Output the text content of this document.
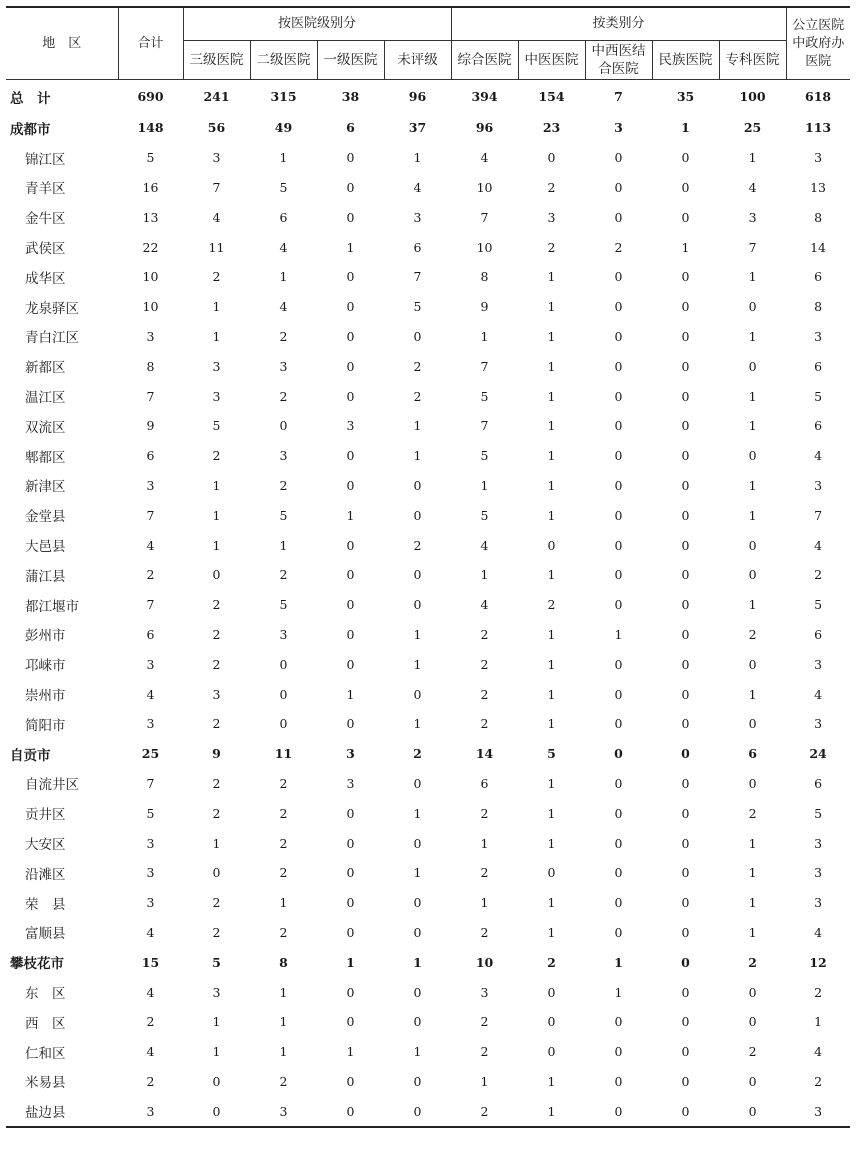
地　区	合计	按医院级别分				按类别分					公立医院中政府办医院
		三级医院	二级医院	一级医院	未评级	综合医院	中医医院	中西医结合医院	民族医院	专科医院	
总　计	690	241	315	38	96	394	154	7	35	100	618
成都市	148	56	49	6	37	96	23	3	1	25	113
锦江区	5	3	1	0	1	4	0	0	0	1	3
青羊区	16	7	5	0	4	10	2	0	0	4	13
金牛区	13	4	6	0	3	7	3	0	0	3	8
武侯区	22	11	4	1	6	10	2	2	1	7	14
成华区	10	2	1	0	7	8	1	0	0	1	6
龙泉驿区	10	1	4	0	5	9	1	0	0	0	8
青白江区	3	1	2	0	0	1	1	0	0	1	3
新都区	8	3	3	0	2	7	1	0	0	0	6
温江区	7	3	2	0	2	5	1	0	0	1	5
双流区	9	5	0	3	1	7	1	0	0	1	6
郫都区	6	2	3	0	1	5	1	0	0	0	4
新津区	3	1	2	0	0	1	1	0	0	1	3
金堂县	7	1	5	1	0	5	1	0	0	1	7
大邑县	4	1	1	0	2	4	0	0	0	0	4
蒲江县	2	0	2	0	0	1	1	0	0	0	2
都江堰市	7	2	5	0	0	4	2	0	0	1	5
彭州市	6	2	3	0	1	2	1	1	0	2	6
邛崃市	3	2	0	0	1	2	1	0	0	0	3
崇州市	4	3	0	1	0	2	1	0	0	1	4
简阳市	3	2	0	0	1	2	1	0	0	0	3
自贡市	25	9	11	3	2	14	5	0	0	6	24
自流井区	7	2	2	3	0	6	1	0	0	0	6
贡井区	5	2	2	0	1	2	1	0	0	2	5
大安区	3	1	2	0	0	1	1	0	0	1	3
沿滩区	3	0	2	0	1	2	0	0	0	1	3
荣　县	3	2	1	0	0	1	1	0	0	1	3
富顺县	4	2	2	0	0	2	1	0	0	1	4
攀枝花市	15	5	8	1	1	10	2	1	0	2	12
东　区	4	3	1	0	0	3	0	1	0	0	2
西　区	2	1	1	0	0	2	0	0	0	0	1
仁和区	4	1	1	1	1	2	0	0	0	2	4
米易县	2	0	2	0	0	1	1	0	0	0	2
盐边县	3	0	3	0	0	2	1	0	0	0	3
